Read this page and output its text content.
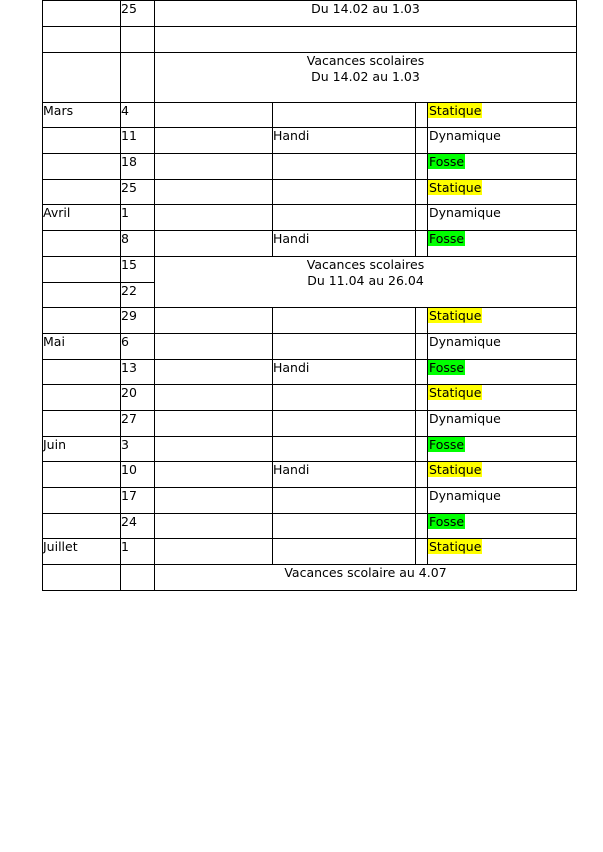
	25	Du 14.02 au 1.03			

		Vacances scolaires
Du 14.02 au 1.03			

Mars	4				Statique
	11		Handi		Dynamique
	18				Fosse
	25				Statique
Avril	1				Dynamique
	8		Handi		Fosse
	15	Vacances scolaires
Du 11.04 au 26.04			

	22				
	29				Statique
Mai	6				Dynamique
	13		Handi		Fosse
	20				Statique
	27				Dynamique
Juin	3				Fosse
	10		Handi		Statique
	17				Dynamique
	24				Fosse
Juillet	1				Statique
		Vacances scolaire au 4.07			
